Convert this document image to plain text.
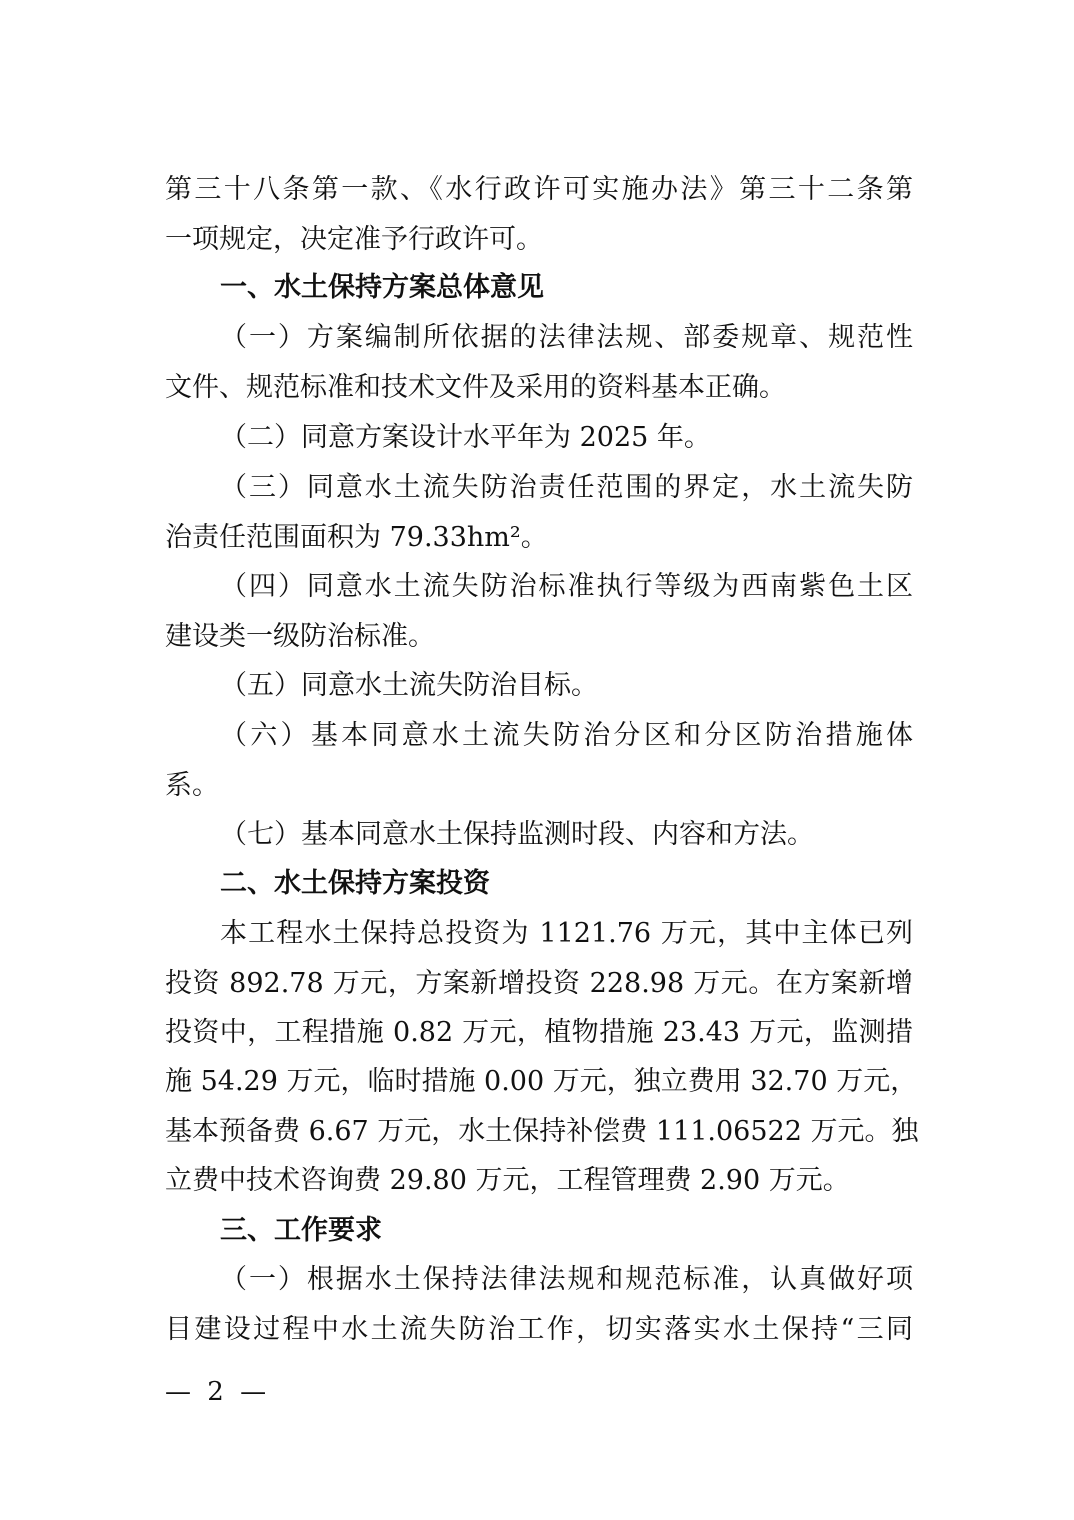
第三十八条第一款、《水行政许可实施办法》第三十二条第
一项规定，决定准予行政许可。
一、水土保持方案总体意见
（一）方案编制所依据的法律法规、部委规章、规范性
文件、规范标准和技术文件及采用的资料基本正确。
（二）同意方案设计水平年为 2025 年。
（三）同意水土流失防治责任范围的界定，水土流失防
治责任范围面积为 79.33hm²。
（四）同意水土流失防治标准执行等级为西南紫色土区
建设类一级防治标准。
（五）同意水土流失防治目标。
（六）基本同意水土流失防治分区和分区防治措施体
系。
（七）基本同意水土保持监测时段、内容和方法。
二、水土保持方案投资
本工程水土保持总投资为 1121.76 万元，其中主体已列
投资 892.78 万元，方案新增投资 228.98 万元。在方案新增
投资中，工程措施 0.82 万元，植物措施 23.43 万元，监测措
施 54.29 万元，临时措施 0.00 万元，独立费用 32.70 万元，
基本预备费 6.67 万元，水土保持补偿费 111.06522 万元。独
立费中技术咨询费 29.80 万元，工程管理费 2.90 万元。
三、工作要求
（一）根据水土保持法律法规和规范标准，认真做好项
目建设过程中水土流失防治工作，切实落实水土保持“三同
— 2 —
